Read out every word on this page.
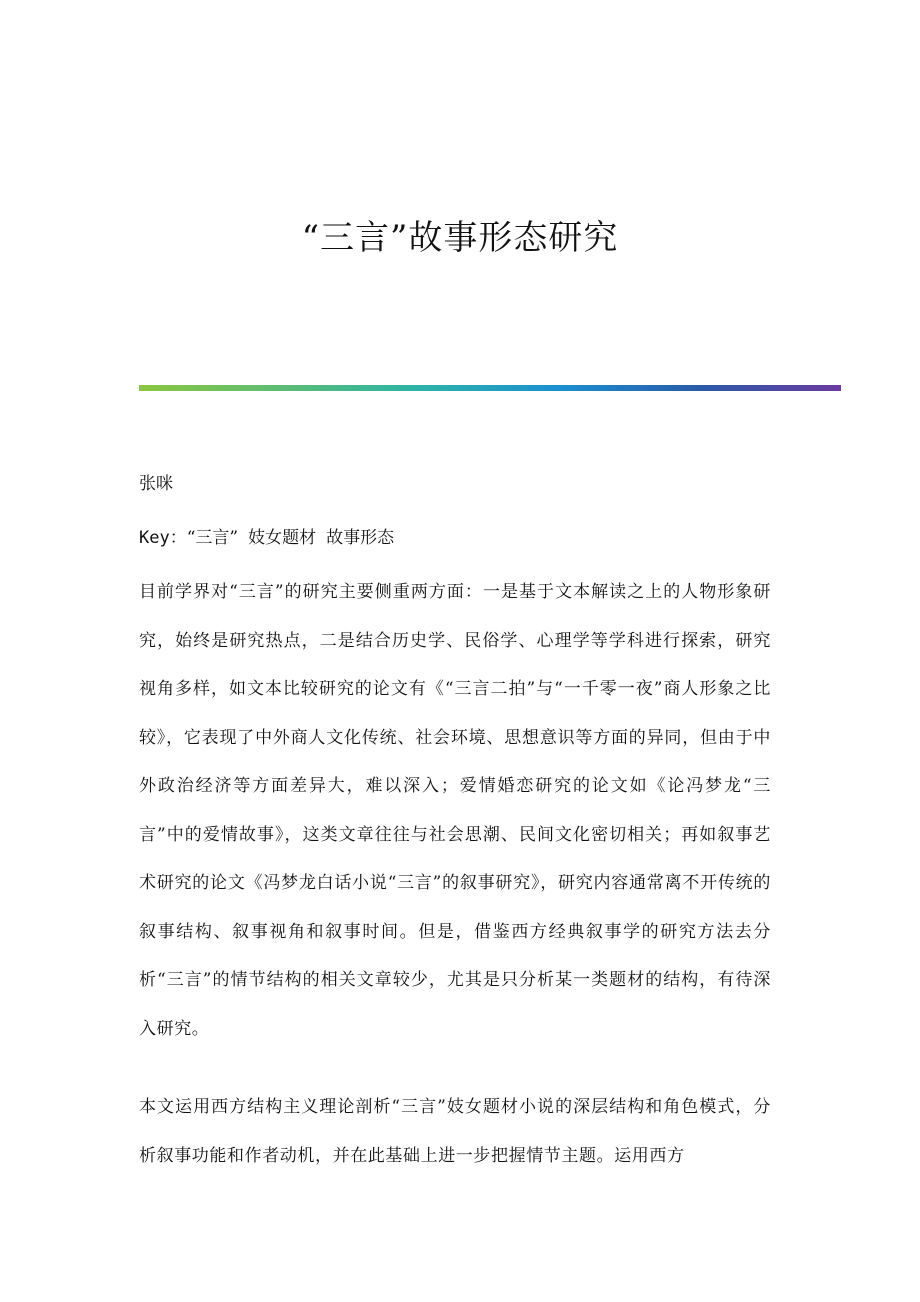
“三言”故事形态研究
张咪
Key：“三言” 妓女题材 故事形态
目前学界对“三言”的研究主要侧重两方面：一是基于文本解读之上的人物形象研究，始终是研究热点，二是结合历史学、民俗学、心理学等学科进行探索，研究视角多样，如文本比较研究的论文有《“三言二拍”与“一千零一夜”商人形象之比较》，它表现了中外商人文化传统、社会环境、思想意识等方面的异同，但由于中外政治经济等方面差异大，难以深入；爱情婚恋研究的论文如《论冯梦龙“三言”中的爱情故事》，这类文章往往与社会思潮、民间文化密切相关；再如叙事艺术研究的论文《冯梦龙白话小说“三言”的叙事研究》，研究内容通常离不开传统的叙事结构、叙事视角和叙事时间。但是，借鉴西方经典叙事学的研究方法去分析“三言”的情节结构的相关文章较少，尤其是只分析某一类题材的结构，有待深入研究。
本文运用西方结构主义理论剖析“三言”妓女题材小说的深层结构和角色模式，分析叙事功能和作者动机，并在此基础上进一步把握情节主题。运用西方
